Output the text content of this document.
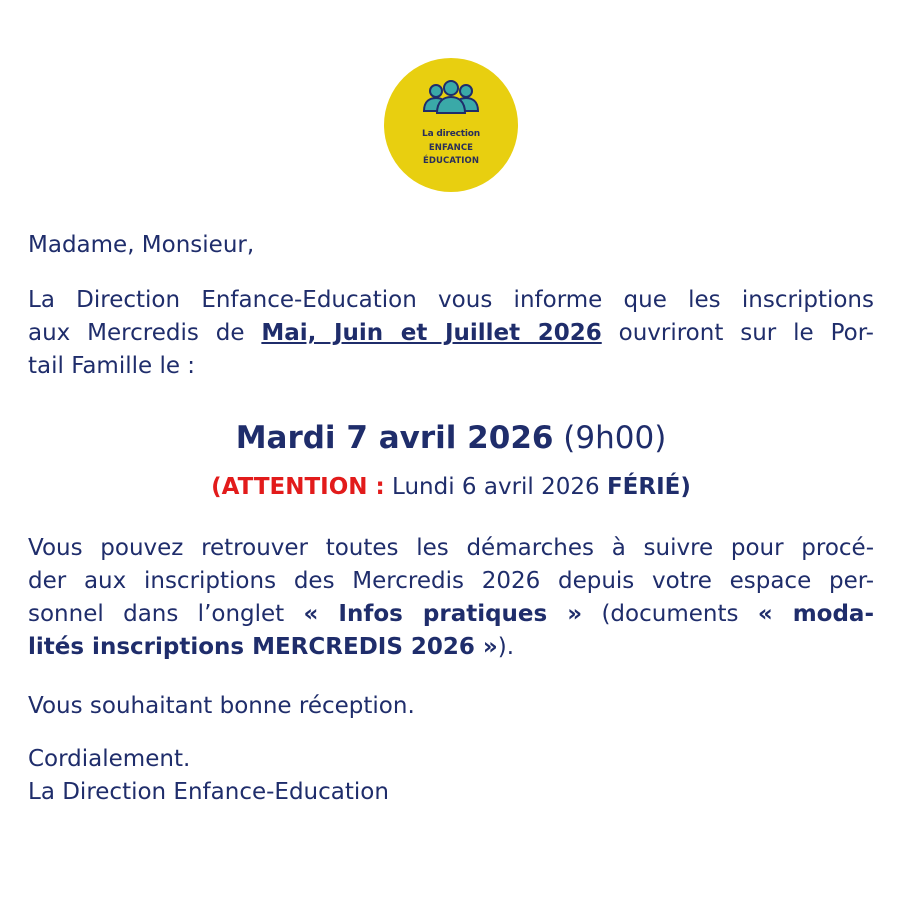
La direction
ENFANCE
ÉDUCATION

Madame, Monsieur,

La Direction Enfance-Education vous informe que les inscriptions
aux Mercredis de Mai, Juin et Juillet 2026 ouvriront sur le Por-
tail Famille le :

Mardi 7 avril 2026 (9h00)
(ATTENTION : Lundi 6 avril 2026 FÉRIÉ)

Vous pouvez retrouver toutes les démarches à suivre pour procé-
der aux inscriptions des Mercredis 2026 depuis votre espace per-
sonnel dans l’onglet « Infos pratiques » (documents « moda-
lités inscriptions MERCREDIS 2026 »).

Vous souhaitant bonne réception.

Cordialement.
La Direction Enfance-Education
